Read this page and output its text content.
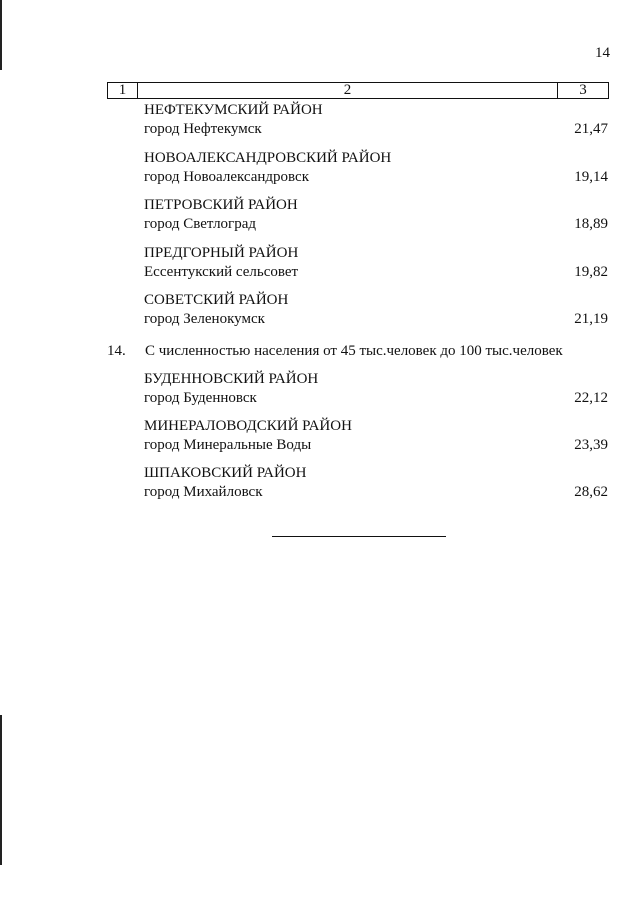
14
1	2	3
НЕФТЕКУМСКИЙ РАЙОН
город Нефтекумск	21,47
НОВОАЛЕКСАНДРОВСКИЙ РАЙОН
город Новоалександровск	19,14
ПЕТРОВСКИЙ РАЙОН
город Светлоград	18,89
ПРЕДГОРНЫЙ РАЙОН
Ессентукский сельсовет	19,82
СОВЕТСКИЙ РАЙОН
город Зеленокумск	21,19
14. С численностью населения от 45 тыс.человек до 100 тыс.человек
БУДЕННОВСКИЙ РАЙОН
город Буденновск	22,12
МИНЕРАЛОВОДСКИЙ РАЙОН
город Минеральные Воды	23,39
ШПАКОВСКИЙ РАЙОН
город Михайловск	28,62
